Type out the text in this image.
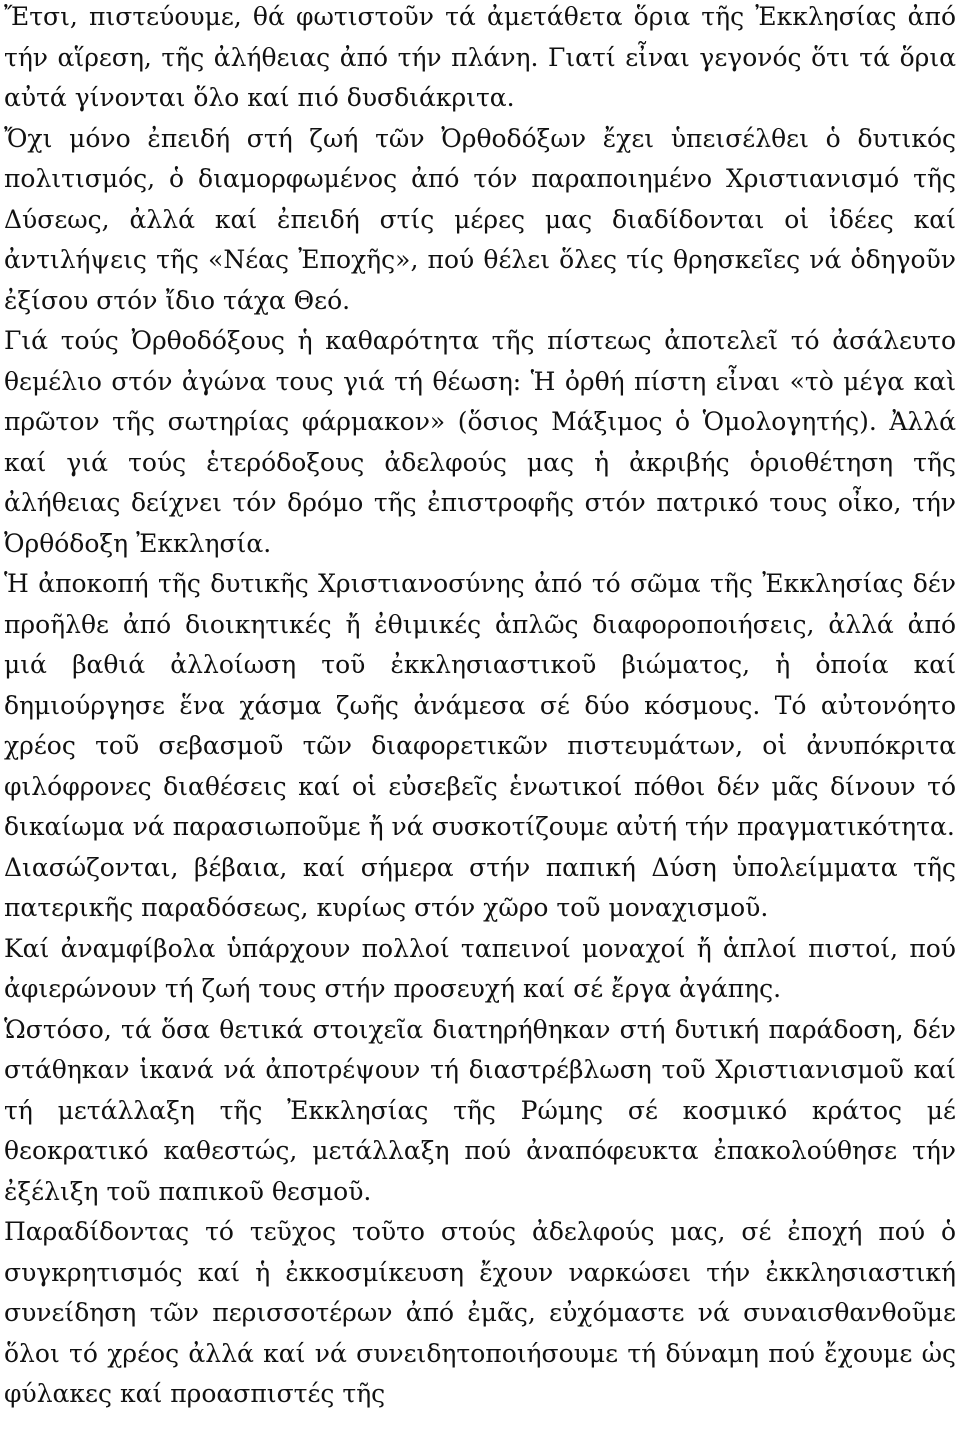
Ἔτσι, πιστεύουμε, θά φωτιστοῦν τά ἀμετάθετα ὅρια τῆς Ἐκκλησίας ἀπό τήν αἵρεση, τῆς ἀλήθειας ἀπό τήν πλάνη. Γιατί εἶναι γεγονός ὅτι τά ὅρια αὐτά γίνονται ὅλο καί πιό δυσδιάκριτα.

Ὄχι μόνο ἐπειδή στή ζωή τῶν Ὀρθοδόξων ἔχει ὑπεισέλθει ὁ δυτικός πολιτισμός, ὁ διαμορφωμένος ἀπό τόν παραποιημένο Χριστιανισμό τῆς Δύσεως, ἀλλά καί ἐπειδή στίς μέρες μας διαδίδονται οἱ ἰδέες καί ἀντιλήψεις τῆς «Νέας Ἐποχῆς», πού θέλει ὅλες τίς θρησκεῖες νά ὁδηγοῦν ἐξίσου στόν ἴδιο τάχα Θεό.

Γιά τούς Ὀρθοδόξους ἡ καθαρότητα τῆς πίστεως ἀποτελεῖ τό ἀσάλευτο θεμέλιο στόν ἀγώνα τους γιά τή θέωση: Ἡ ὀρθή πίστη εἶναι «τὸ μέγα καὶ πρῶτον τῆς σωτηρίας φάρμακον» (ὅσιος Μάξιμος ὁ Ὁμολογητής). Ἀλλά καί γιά τούς ἑτερόδοξους ἀδελφούς μας ἡ ἀκριβής ὁριοθέτηση τῆς ἀλήθειας δείχνει τόν δρόμο τῆς ἐπιστροφῆς στόν πατρικό τους οἶκο, τήν Ὀρθόδοξη Ἐκκλησία.

Ἡ ἀποκοπή τῆς δυτικῆς Χριστιανοσύνης ἀπό τό σῶμα τῆς Ἐκκλησίας δέν προῆλθε ἀπό διοικητικές ἤ ἐθιμικές ἁπλῶς διαφοροποιήσεις, ἀλλά ἀπό μιά βαθιά ἀλλοίωση τοῦ ἐκκλησιαστικοῦ βιώματος, ἡ ὁποία καί δημιούργησε ἕνα χάσμα ζωῆς ἀνάμεσα σέ δύο κόσμους. Τό αὐτονόητο χρέος τοῦ σεβασμοῦ τῶν διαφορετικῶν πιστευμάτων, οἱ ἀνυπόκριτα φιλόφρονες διαθέσεις καί οἱ εὐσεβεῖς ἑνωτικοί πόθοι δέν μᾶς δίνουν τό δικαίωμα νά παρασιωποῦμε ἤ νά συσκοτίζουμε αὐτή τήν πραγματικότητα.

Διασώζονται, βέβαια, καί σήμερα στήν παπική Δύση ὑπολείμματα τῆς πατερικῆς παραδόσεως, κυρίως στόν χῶρο τοῦ μοναχισμοῦ.

Καί ἀναμφίβολα ὑπάρχουν πολλοί ταπεινοί μοναχοί ἤ ἁπλοί πιστοί, πού ἀφιερώνουν τή ζωή τους στήν προσευχή καί σέ ἔργα ἀγάπης.

Ὡστόσο, τά ὅσα θετικά στοιχεῖα διατηρήθηκαν στή δυτική παράδοση, δέν στάθηκαν ἱκανά νά ἀποτρέψουν τή διαστρέβλωση τοῦ Χριστιανισμοῦ καί τή μετάλλαξη τῆς Ἐκκλησίας τῆς Ρώμης σέ κοσμικό κράτος μέ θεοκρατικό καθεστώς, μετάλλαξη πού ἀναπόφευκτα ἐπακολούθησε τήν ἐξέλιξη τοῦ παπικοῦ θεσμοῦ.

Παραδίδοντας τό τεῦχος τοῦτο στούς ἀδελφούς μας, σέ ἐποχή πού ὁ συγκρητισμός καί ἡ ἐκκοσμίκευση ἔχουν ναρκώσει τήν ἐκκλησιαστική συνείδηση τῶν περισσοτέρων ἀπό ἐμᾶς, εὐχόμαστε νά συναισθανθοῦμε ὅλοι τό χρέος ἀλλά καί νά συνειδητοποιήσουμε τή δύναμη πού ἔχουμε ὡς φύλακες καί προασπιστές τῆς
